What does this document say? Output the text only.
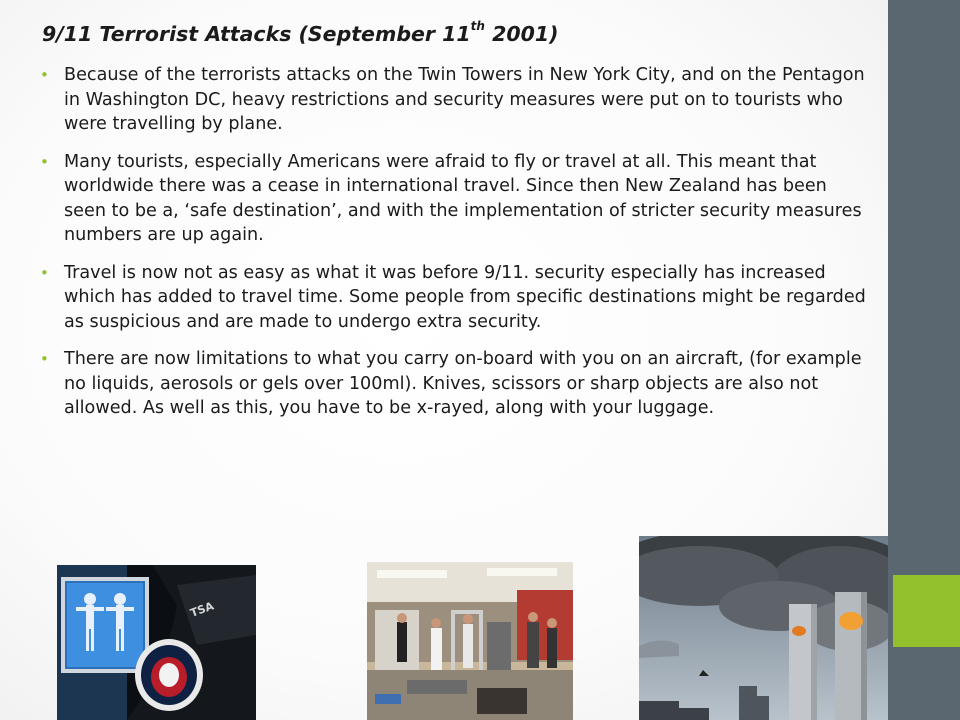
9/11 Terrorist Attacks (September 11th 2001)
• Because of the terrorists attacks on the Twin Towers in New York City, and on the Pentagon in Washington DC, heavy restrictions and security measures were put on to tourists who were travelling by plane.
• Many tourists, especially Americans were afraid to fly or travel at all. This meant that worldwide there was a cease in international travel. Since then New Zealand has been seen to be a, ‘safe destination’, and with the implementation of stricter security measures numbers are up again.
• Travel is now not as easy as what it was before 9/11. security especially has increased which has added to travel time. Some people from specific destinations might be regarded as suspicious and are made to undergo extra security.
• There are now limitations to what you carry on-board with you on an aircraft, (for example no liquids, aerosols or gels over 100ml). Knives, scissors or sharp objects are also not allowed. As well as this, you have to be x-rayed, along with your luggage.
TSA
